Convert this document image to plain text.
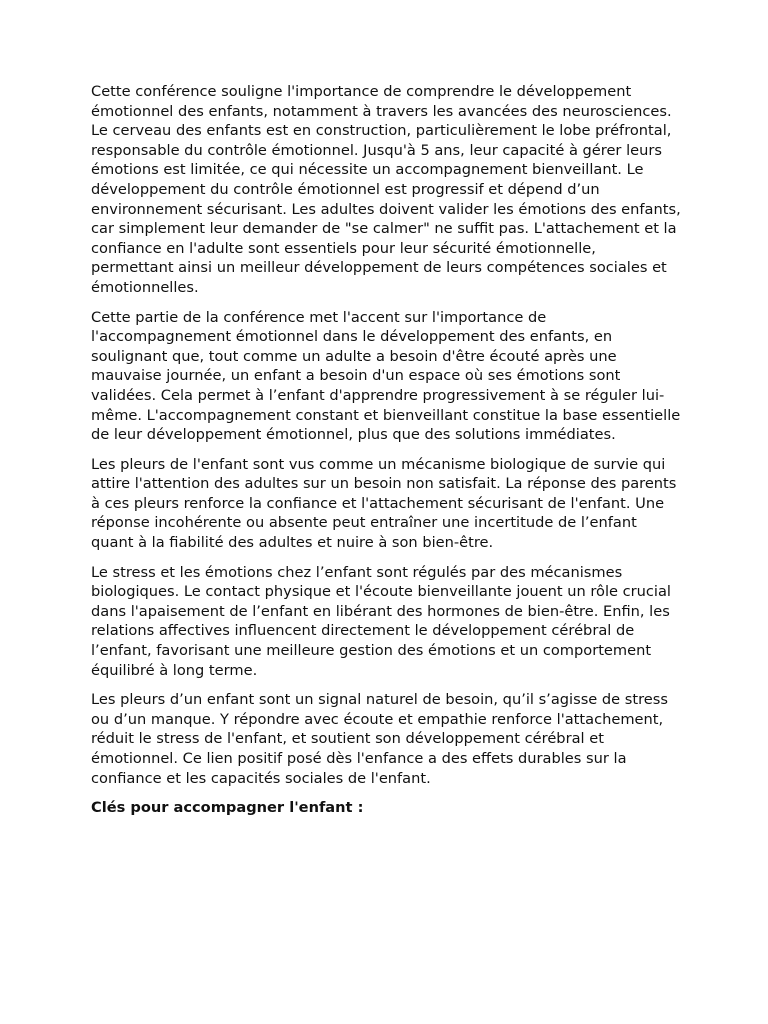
Cette conférence souligne l'importance de comprendre le développement émotionnel des enfants, notamment à travers les avancées des neurosciences. Le cerveau des enfants est en construction, particulièrement le lobe préfrontal, responsable du contrôle émotionnel. Jusqu'à 5 ans, leur capacité à gérer leurs émotions est limitée, ce qui nécessite un accompagnement bienveillant. Le développement du contrôle émotionnel est progressif et dépend d’un environnement sécurisant. Les adultes doivent valider les émotions des enfants, car simplement leur demander de "se calmer" ne suffit pas. L'attachement et la confiance en l'adulte sont essentiels pour leur sécurité émotionnelle, permettant ainsi un meilleur développement de leurs compétences sociales et émotionnelles.

Cette partie de la conférence met l'accent sur l'importance de l'accompagnement émotionnel dans le développement des enfants, en soulignant que, tout comme un adulte a besoin d'être écouté après une mauvaise journée, un enfant a besoin d'un espace où ses émotions sont validées. Cela permet à l’enfant d'apprendre progressivement à se réguler lui-même. L'accompagnement constant et bienveillant constitue la base essentielle de leur développement émotionnel, plus que des solutions immédiates.

Les pleurs de l'enfant sont vus comme un mécanisme biologique de survie qui attire l'attention des adultes sur un besoin non satisfait. La réponse des parents à ces pleurs renforce la confiance et l'attachement sécurisant de l'enfant. Une réponse incohérente ou absente peut entraîner une incertitude de l’enfant quant à la fiabilité des adultes et nuire à son bien-être.

Le stress et les émotions chez l’enfant sont régulés par des mécanismes biologiques. Le contact physique et l'écoute bienveillante jouent un rôle crucial dans l'apaisement de l’enfant en libérant des hormones de bien-être. Enfin, les relations affectives influencent directement le développement cérébral de l’enfant, favorisant une meilleure gestion des émotions et un comportement équilibré à long terme.

Les pleurs d’un enfant sont un signal naturel de besoin, qu’il s’agisse de stress ou d’un manque. Y répondre avec écoute et empathie renforce l'attachement, réduit le stress de l'enfant, et soutient son développement cérébral et émotionnel. Ce lien positif posé dès l'enfance a des effets durables sur la confiance et les capacités sociales de l'enfant.

Clés pour accompagner l'enfant :
